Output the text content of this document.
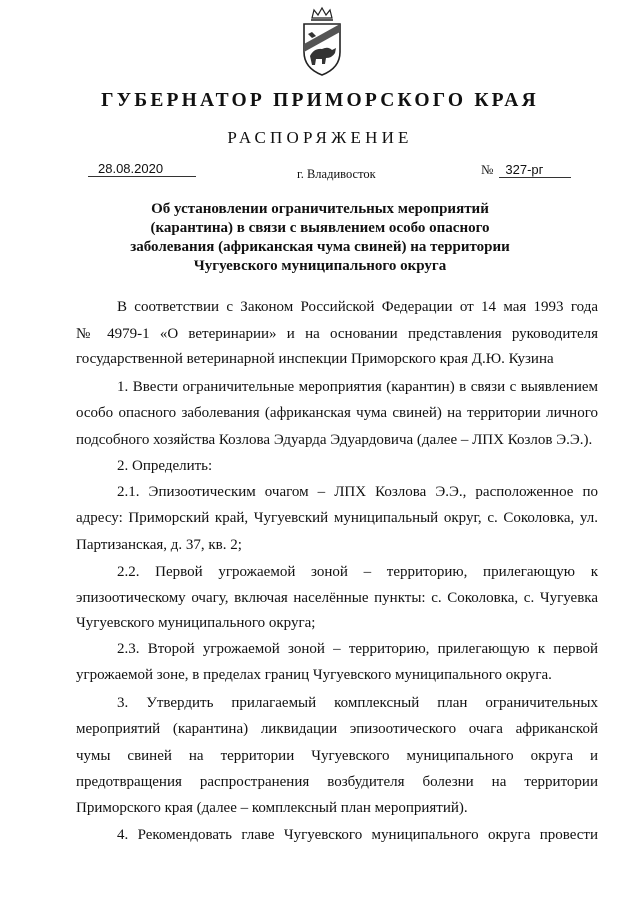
ГУБЕРНАТОР ПРИМОРСКОГО КРАЯ
РАСПОРЯЖЕНИЕ
28.08.2020	г. Владивосток	№ 327-рг
Об установлении ограничительных мероприятий
(карантина) в связи с выявлением особо опасного
заболевания (африканская чума свиней) на территории
Чугуевского муниципального округа
В соответствии с Законом Российской Федерации от 14 мая 1993 года
№ 4979-1 «О ветеринарии» и на основании представления руководителя
государственной ветеринарной инспекции Приморского края Д.Ю. Кузина
1. Ввести ограничительные мероприятия (карантин) в связи с выявлением
особо опасного заболевания (африканская чума свиней) на территории личного
подсобного хозяйства Козлова Эдуарда Эдуардовича (далее – ЛПХ Козлов Э.Э.).
2. Определить:
2.1. Эпизоотическим очагом – ЛПХ Козлова Э.Э., расположенное по
адресу: Приморский край, Чугуевский муниципальный округ, с. Соколовка, ул.
Партизанская, д. 37, кв. 2;
2.2. Первой угрожаемой зоной – территорию, прилегающую к
эпизоотическому очагу, включая населённые пункты: с. Соколовка, с. Чугуевка
Чугуевского муниципального округа;
2.3. Второй угрожаемой зоной – территорию, прилегающую к первой
угрожаемой зоне, в пределах границ Чугуевского муниципального округа.
3. Утвердить прилагаемый комплексный план ограничительных
мероприятий (карантина) ликвидации эпизоотического очага африканской
чумы свиней на территории Чугуевского муниципального округа и
предотвращения распространения возбудителя болезни на территории
Приморского края (далее – комплексный план мероприятий).
4. Рекомендовать главе Чугуевского муниципального округа провести
